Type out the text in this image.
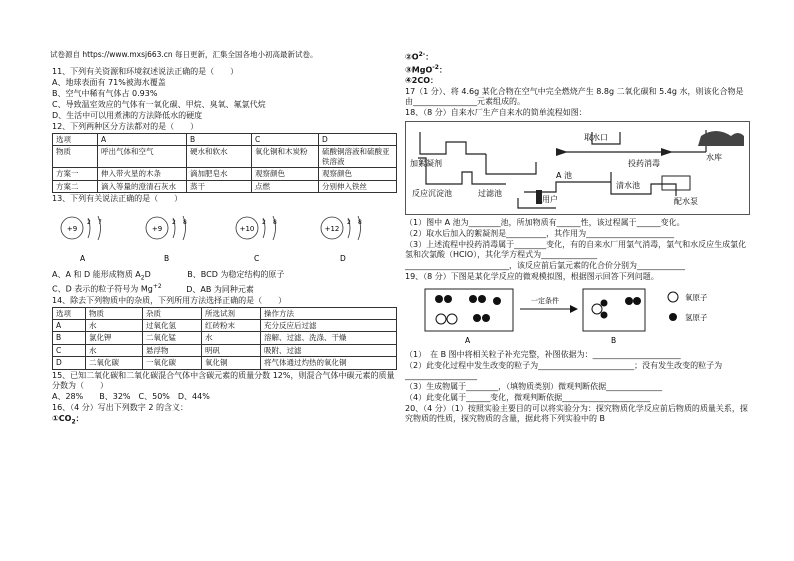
试卷源自 https://www.mxsj663.cn 每日更新，汇集全国各地小初高最新试卷。
11、下列有关资源和环境叙述说法正确的是（　　）
A、地球表面有 71%被海水覆盖
B、空气中稀有气体占 0.93%
C、导致温室效应的气体有一氧化碳、甲烷、臭氧、氟氯代烷
D、生活中可以用煮沸的方法降低水的硬度
12、下列两种区分方法都对的是（　　）
选项	A	B	C	D
物质	呼出气体和空气	硬水和软水	氧化铜和木炭粉	硫酸铜溶液和硫酸亚铁溶液
方案一	伸入带火星的木条	滴加肥皂水	观察颜色	观察颜色
方案二	滴入等量的澄清石灰水	蒸干	点燃	分别伸入铁丝
13、下列有关说法正确的是（　　）
+9
2 7
A
+9
2 8
B
+10
2 8
C
+12
2 8
D
A、A 和 D 能形成物质 $A_2D$	B、BCD 为稳定结构的原子
C、D 表示的粒子符号为 $Mg^{+2}$	D、AB 为同种元素
14、除去下列物质中的杂质，下列所用方法选择正确的是（　　）
选项	物质	杂质	所选试剂	操作方法
A	水	过氧化氢	红砖粉末	充分反应后过滤
B	氯化钾	二氧化锰	水	溶解、过滤、洗涤、干燥
C	水	悬浮物	明矾	吸附、过滤
D	二氧化碳	一氧化碳	氧化铜	将气体通过灼热的氧化铜
15、已知二氧化碳和二氧化碳混合气体中含碳元素的质量分数 12%，则混合气体中碳元素的质量分数为（　　）
A、28%　　B、32%　C、50%　D、44%
16、（4 分）写出下列数字 2 的含义：
$①CO_2$：
$②O^{2-}$：
③MgO$^{-2}$：
④2CO：
17（1 分）、将 4.6g 某化合物在空气中完全燃烧产生 8.8g 二氧化碳和 5.4g 水，则该化合物是由________________元素组成的。
18、（8 分）自来水厂生产自来水的简单流程如图：
加絮凝剂
反应沉淀池	过滤池
A 池
取水口
投药消毒
水库
清水池
配水泵
用户
（1）图中 A 池为________池，所加物质有______性，该过程属于______变化。
（2）取水后加入的絮凝剂是__________，其作用为______________________
（3）上述流程中投药消毒属于________变化，有的自来水厂用氯气消毒，氯气和水反应生成氯化氢和次氯酸（HClO），其化学方程式为______________
__________________________，该反应前后氯元素的化合价分别为____________
19、（8 分）下图是某化学反应的微观模拟图，根据图示回答下列问题。
一定条件	氧原子
氢原子
A	B
（1）　在 B 图中将相关粒子补充完整，补图依据为：______________________
（2）此变化过程中发生改变的粒子为________________________；没有发生改变的粒子为__________________
（3）生成物属于________，（填物质类别）微观判断依据______________
（4）此变化属于______变化，微观判断依据______________________
20、（4 分）（1）按照实验主要目的可以将实验分为：探究物质化学反应前后物质的质量关系，探究物质的性质，探究物质的含量，据此将下列实验中的 B
